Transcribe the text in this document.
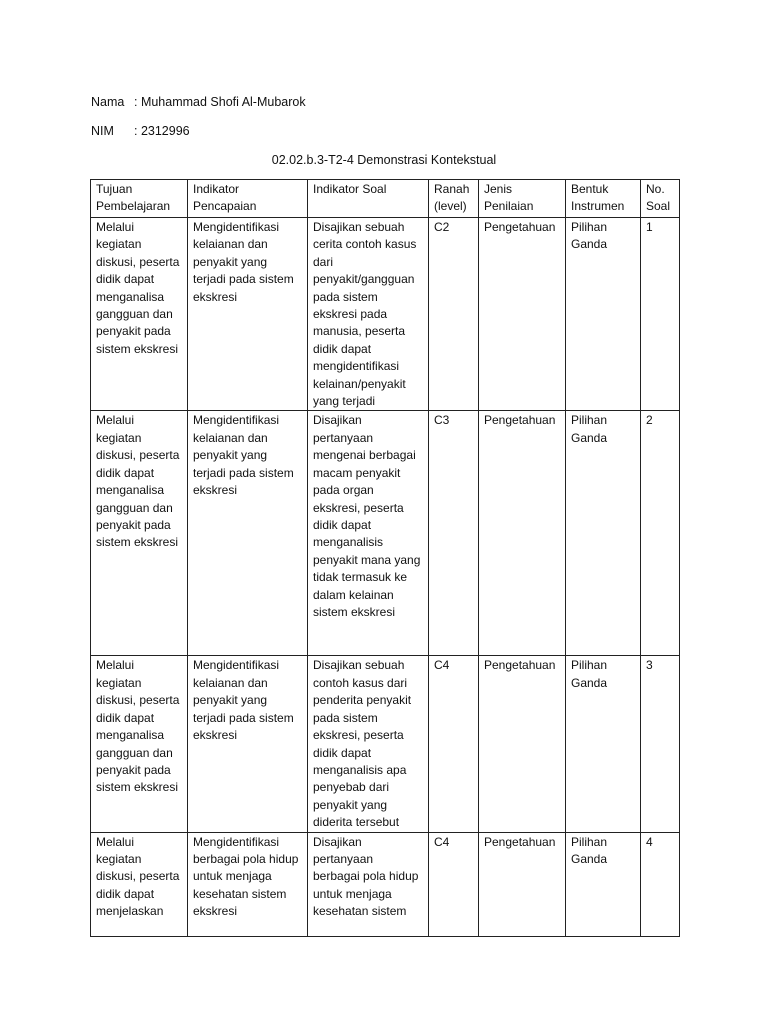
Nama : Muhammad Shofi Al-Mubarok
NIM : 2312996
02.02.b.3-T2-4 Demonstrasi Kontekstual
Tujuan Pembelajaran	Indikator Pencapaian	Indikator Soal	Ranah (level)	Jenis Penilaian	Bentuk Instrumen	No. Soal
Melalui kegiatan diskusi, peserta didik dapat menganalisa gangguan dan penyakit pada sistem ekskresi	Mengidentifikasi kelaianan dan penyakit yang terjadi pada sistem ekskresi	Disajikan sebuah cerita contoh kasus dari penyakit/gangguan pada sistem ekskresi pada manusia, peserta didik dapat mengidentifikasi kelainan/penyakit yang terjadi	C2	Pengetahuan	Pilihan Ganda	1
Melalui kegiatan diskusi, peserta didik dapat menganalisa gangguan dan penyakit pada sistem ekskresi	Mengidentifikasi kelaianan dan penyakit yang terjadi pada sistem ekskresi	Disajikan pertanyaan mengenai berbagai macam penyakit pada organ ekskresi, peserta didik dapat menganalisis penyakit mana yang tidak termasuk ke dalam kelainan sistem ekskresi	C3	Pengetahuan	Pilihan Ganda	2
Melalui kegiatan diskusi, peserta didik dapat menganalisa gangguan dan penyakit pada sistem ekskresi	Mengidentifikasi kelaianan dan penyakit yang terjadi pada sistem ekskresi	Disajikan sebuah contoh kasus dari penderita penyakit pada sistem ekskresi, peserta didik dapat menganalisis apa penyebab dari penyakit yang diderita tersebut	C4	Pengetahuan	Pilihan Ganda	3
Melalui kegiatan diskusi, peserta didik dapat menjelaskan	Mengidentifikasi berbagai pola hidup untuk menjaga kesehatan sistem ekskresi	Disajikan pertanyaan berbagai pola hidup untuk menjaga kesehatan sistem	C4	Pengetahuan	Pilihan Ganda	4
